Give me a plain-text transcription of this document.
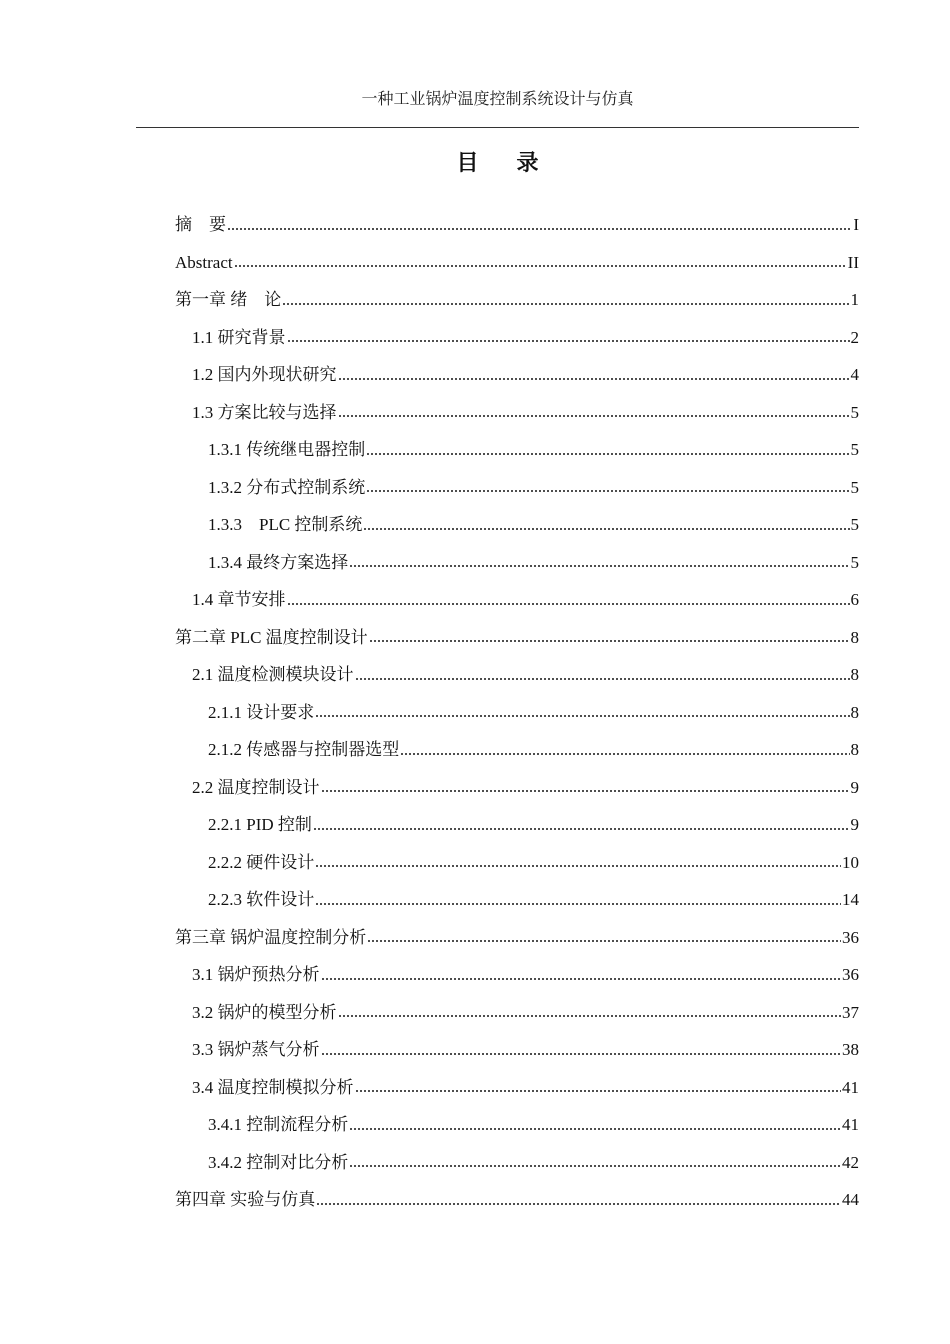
一种工业锅炉温度控制系统设计与仿真
目录
摘　要	I
Abstract	II
第一章 绪　论	1
1.1 研究背景	2
1.2 国内外现状研究	4
1.3 方案比较与选择	5
1.3.1 传统继电器控制	5
1.3.2 分布式控制系统	5
1.3.3　PLC 控制系统	5
1.3.4 最终方案选择	5
1.4 章节安排	6
第二章 PLC 温度控制设计	8
2.1 温度检测模块设计	8
2.1.1 设计要求	8
2.1.2 传感器与控制器选型	8
2.2 温度控制设计	9
2.2.1 PID 控制	9
2.2.2 硬件设计	10
2.2.3 软件设计	14
第三章 锅炉温度控制分析	36
3.1 锅炉预热分析	36
3.2 锅炉的模型分析	37
3.3 锅炉蒸气分析	38
3.4 温度控制模拟分析	41
3.4.1 控制流程分析	41
3.4.2 控制对比分析	42
第四章 实验与仿真	44
